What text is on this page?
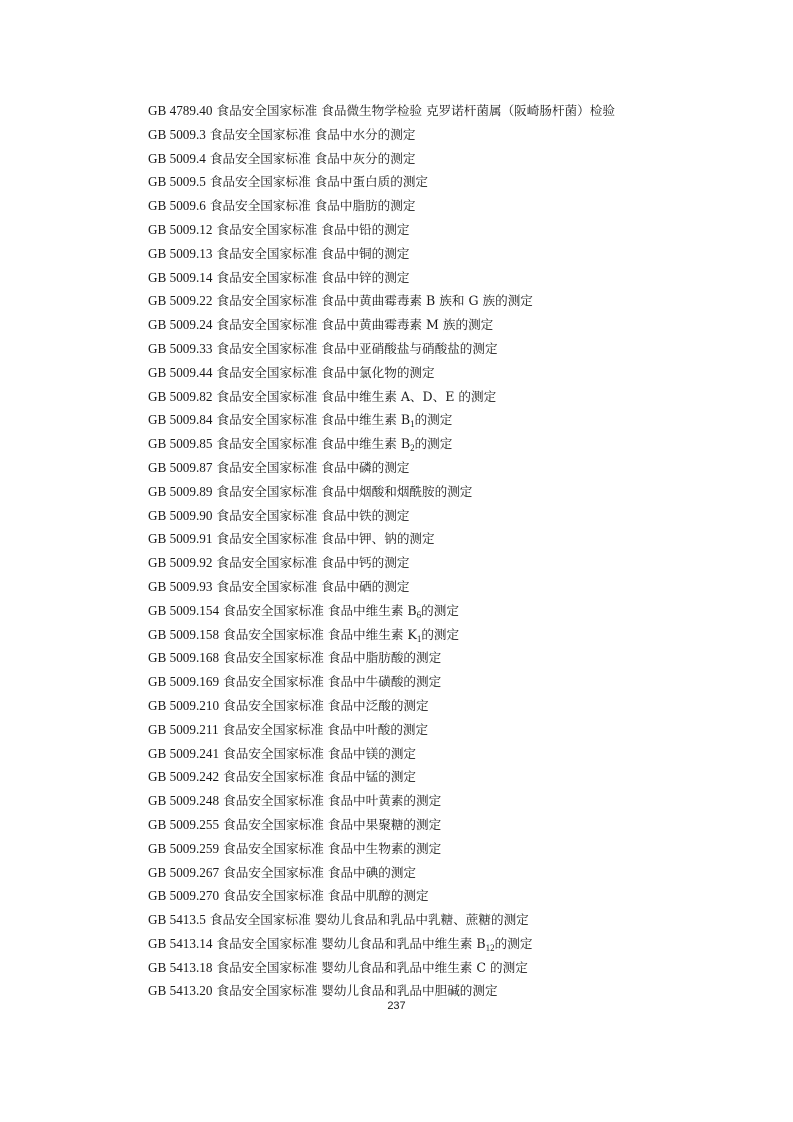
GB 4789.40 食品安全国家标准 食品微生物学检验 克罗诺杆菌属（阪崎肠杆菌）检验
GB 5009.3 食品安全国家标准 食品中水分的测定
GB 5009.4 食品安全国家标准 食品中灰分的测定
GB 5009.5 食品安全国家标准 食品中蛋白质的测定
GB 5009.6 食品安全国家标准 食品中脂肪的测定
GB 5009.12 食品安全国家标准 食品中铅的测定
GB 5009.13 食品安全国家标准 食品中铜的测定
GB 5009.14 食品安全国家标准 食品中锌的测定
GB 5009.22 食品安全国家标准 食品中黄曲霉毒素 B 族和 G 族的测定
GB 5009.24 食品安全国家标准 食品中黄曲霉毒素 M 族的测定
GB 5009.33 食品安全国家标准 食品中亚硝酸盐与硝酸盐的测定
GB 5009.44 食品安全国家标准 食品中氯化物的测定
GB 5009.82 食品安全国家标准 食品中维生素 A、D、E 的测定
GB 5009.84 食品安全国家标准 食品中维生素 $B_1$的测定
GB 5009.85 食品安全国家标准 食品中维生素 $B_2$的测定
GB 5009.87 食品安全国家标准 食品中磷的测定
GB 5009.89 食品安全国家标准 食品中烟酸和烟酰胺的测定
GB 5009.90 食品安全国家标准 食品中铁的测定
GB 5009.91 食品安全国家标准 食品中钾、钠的测定
GB 5009.92 食品安全国家标准 食品中钙的测定
GB 5009.93 食品安全国家标准 食品中硒的测定
GB 5009.154 食品安全国家标准 食品中维生素 $B_6$的测定
GB 5009.158 食品安全国家标准 食品中维生素 $K_1$的测定
GB 5009.168 食品安全国家标准 食品中脂肪酸的测定
GB 5009.169 食品安全国家标准 食品中牛磺酸的测定
GB 5009.210 食品安全国家标准 食品中泛酸的测定
GB 5009.211 食品安全国家标准 食品中叶酸的测定
GB 5009.241 食品安全国家标准 食品中镁的测定
GB 5009.242 食品安全国家标准 食品中锰的测定
GB 5009.248 食品安全国家标准 食品中叶黄素的测定
GB 5009.255 食品安全国家标准 食品中果聚糖的测定
GB 5009.259 食品安全国家标准 食品中生物素的测定
GB 5009.267 食品安全国家标准 食品中碘的测定
GB 5009.270 食品安全国家标准 食品中肌醇的测定
GB 5413.5 食品安全国家标准 婴幼儿食品和乳品中乳糖、蔗糖的测定
GB 5413.14 食品安全国家标准 婴幼儿食品和乳品中维生素 $B_{12}$的测定
GB 5413.18 食品安全国家标准 婴幼儿食品和乳品中维生素 C 的测定
GB 5413.20 食品安全国家标准 婴幼儿食品和乳品中胆碱的测定
237
